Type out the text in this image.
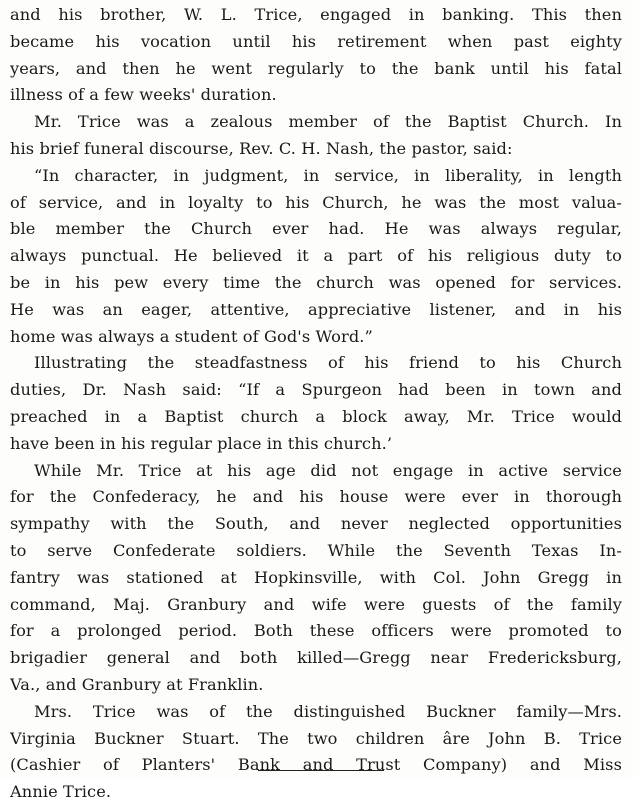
and his brother, W. L. Trice, engaged in banking. This then
became his vocation until his retirement when past eighty
years, and then he went regularly to the bank until his fatal
illness of a few weeks' duration.
Mr. Trice was a zealous member of the Baptist Church. In
his brief funeral discourse, Rev. C. H. Nash, the pastor, said:
“In character, in judgment, in service, in liberality, in length
of service, and in loyalty to his Church, he was the most valua-
ble member the Church ever had. He was always regular,
always punctual. He believed it a part of his religious duty to
be in his pew every time the church was opened for services.
He was an eager, attentive, appreciative listener, and in his
home was always a student of God's Word.”
Illustrating the steadfastness of his friend to his Church
duties, Dr. Nash said: “If a Spurgeon had been in town and
preached in a Baptist church a block away, Mr. Trice would
have been in his regular place in this church.’
While Mr. Trice at his age did not engage in active service
for the Confederacy, he and his house were ever in thorough
sympathy with the South, and never neglected opportunities
to serve Confederate soldiers. While the Seventh Texas In-
fantry was stationed at Hopkinsville, with Col. John Gregg in
command, Maj. Granbury and wife were guests of the family
for a prolonged period. Both these officers were promoted to
brigadier general and both killed—Gregg near Fredericksburg,
Va., and Granbury at Franklin.
Mrs. Trice was of the distinguished Buckner family—Mrs.
Virginia Buckner Stuart. The two children âre John B. Trice
(Cashier of Planters' Bank and Trust Company) and Miss
Annie Trice.
